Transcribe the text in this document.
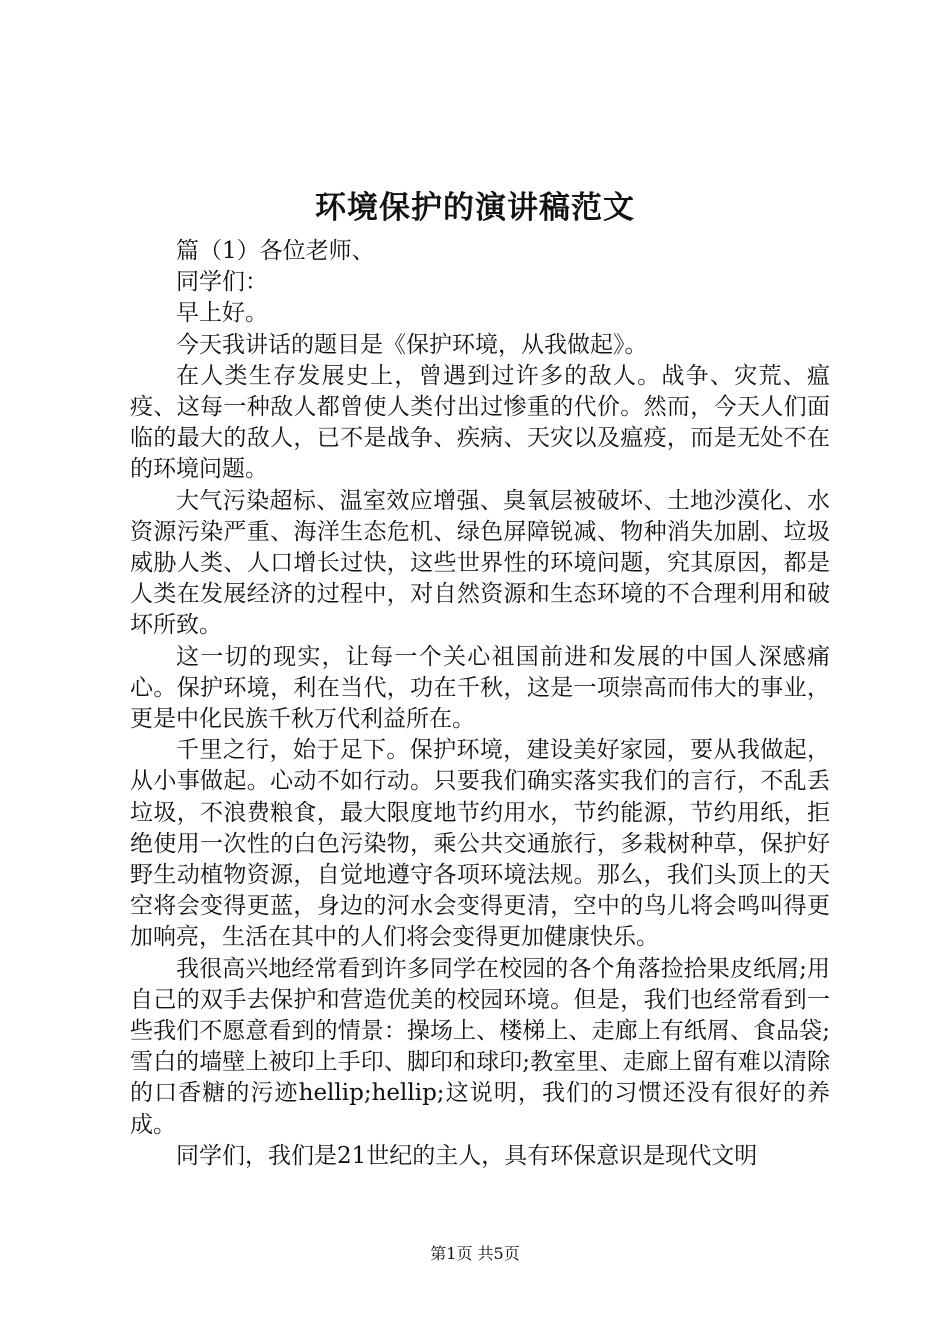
环境保护的演讲稿范文

篇（1）各位老师、

同学们：

早上好。

今天我讲话的题目是《保护环境，从我做起》。

在人类生存发展史上，曾遇到过许多的敌人。战争、灾荒、瘟疫、这每一种敌人都曾使人类付出过惨重的代价。然而，今天人们面临的最大的敌人，已不是战争、疾病、天灾以及瘟疫，而是无处不在的环境问题。

大气污染超标、温室效应增强、臭氧层被破坏、土地沙漠化、水资源污染严重、海洋生态危机、绿色屏障锐减、物种消失加剧、垃圾威胁人类、人口增长过快，这些世界性的环境问题，究其原因，都是人类在发展经济的过程中，对自然资源和生态环境的不合理利用和破坏所致。

这一切的现实，让每一个关心祖国前进和发展的中国人深感痛心。保护环境，利在当代，功在千秋，这是一项崇高而伟大的事业，更是中化民族千秋万代利益所在。

千里之行，始于足下。保护环境，建设美好家园，要从我做起，从小事做起。心动不如行动。只要我们确实落实我们的言行，不乱丢垃圾，不浪费粮食，最大限度地节约用水，节约能源，节约用纸，拒绝使用一次性的白色污染物，乘公共交通旅行，多栽树种草，保护好野生动植物资源，自觉地遵守各项环境法规。那么，我们头顶上的天空将会变得更蓝，身边的河水会变得更清，空中的鸟儿将会鸣叫得更加响亮，生活在其中的人们将会变得更加健康快乐。

我很高兴地经常看到许多同学在校园的各个角落捡拾果皮纸屑;用自己的双手去保护和营造优美的校园环境。但是，我们也经常看到一些我们不愿意看到的情景：操场上、楼梯上、走廊上有纸屑、食品袋;雪白的墙壁上被印上手印、脚印和球印;教室里、走廊上留有难以清除的口香糖的污迹hellip;hellip;这说明，我们的习惯还没有很好的养成。

同学们，我们是21世纪的主人，具有环保意识是现代文明

第1页 共5页
